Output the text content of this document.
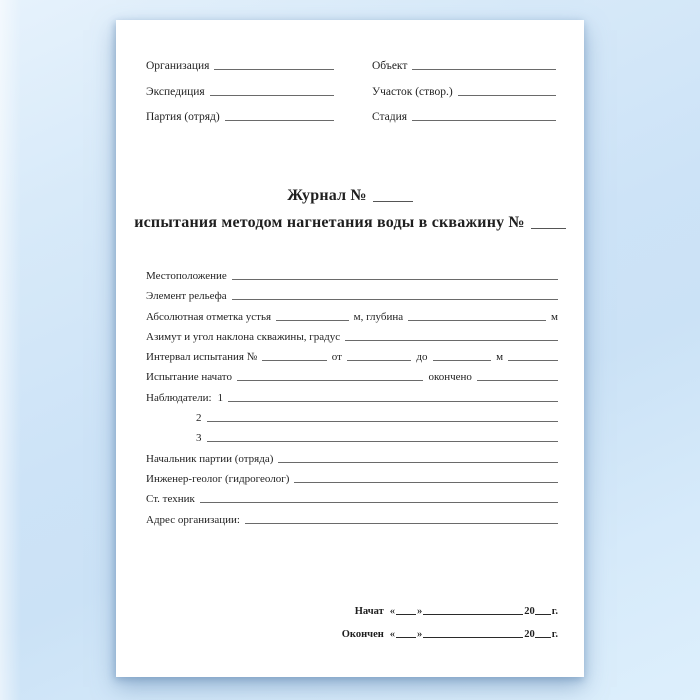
Организация
Экспедиция
Партия (отряд)
Объект
Участок (створ.)
Стадия
Журнал №
испытания методом нагнетания воды в скважину №
Местоположение
Элемент рельефа
Абсолютная отметка устья	м, глубина	м
Азимут и угол наклона скважины, градус
Интервал испытания №	от	до	м
Испытание начато	окончено
Наблюдатели: 1
2
3
Начальник партии (отряда)
Инженер-геолог (гидрогеолог)
Ст. техник
Адрес организации:
Начат « »	20 г.
Окончен « »	20 г.
